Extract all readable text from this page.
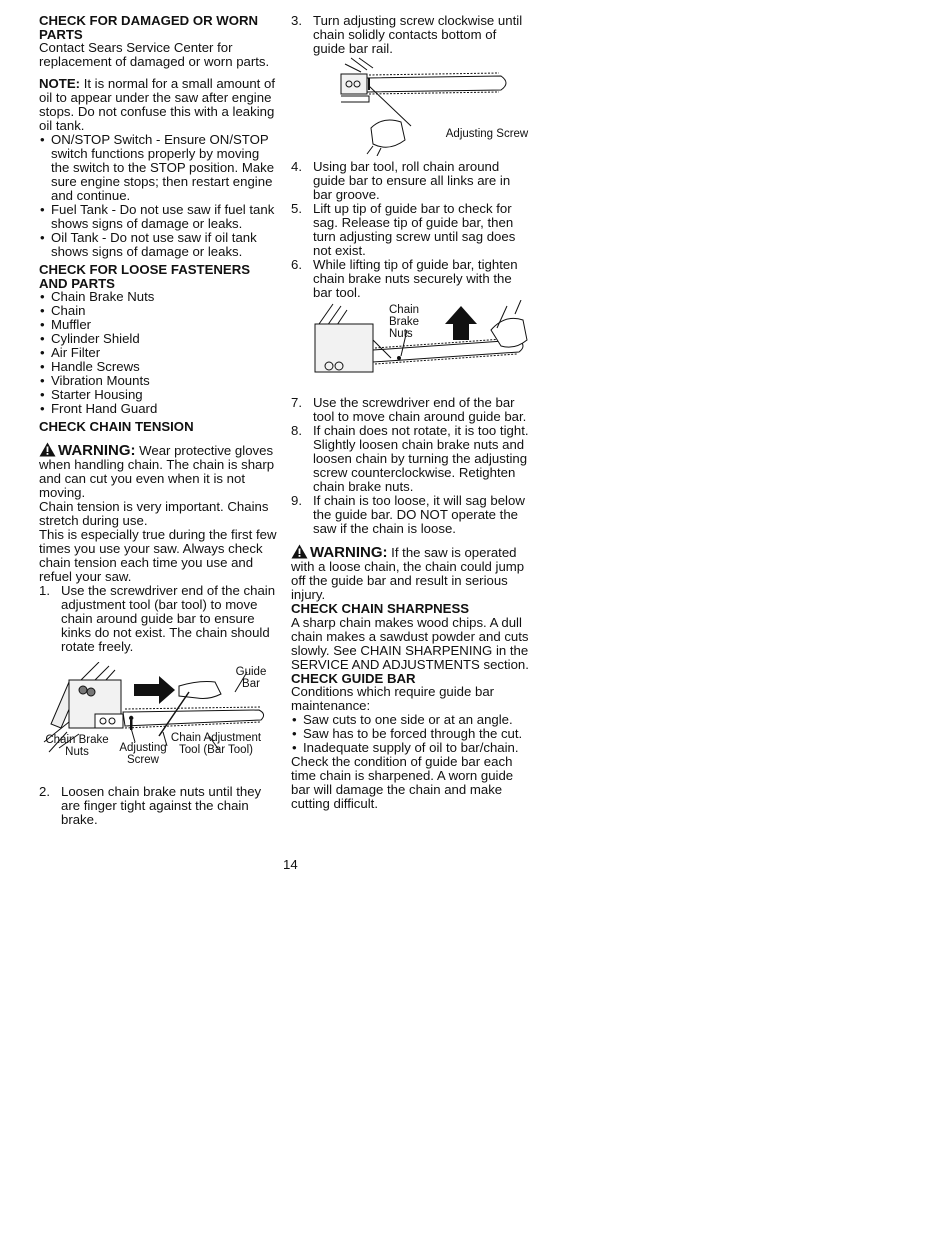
CHECK FOR DAMAGED OR WORN PARTS

Contact Sears Service Center for replacement of damaged or worn parts.

NOTE: It is normal for a small amount of oil to appear under the saw after engine stops. Do not confuse this with a leaking oil tank.

• ON/STOP Switch - Ensure ON/STOP switch functions properly by moving the switch to the STOP position. Make sure engine stops; then restart engine and continue.
• Fuel Tank - Do not use saw if fuel tank shows signs of damage or leaks.
• Oil Tank - Do not use saw if oil tank shows signs of damage or leaks.
CHECK FOR LOOSE FASTENERS AND PARTS
• Chain Brake Nuts
• Chain
• Muffler
• Cylinder Shield
• Air Filter
• Handle Screws
• Vibration Mounts
• Starter Housing
• Front Hand Guard
CHECK CHAIN TENSION

WARNING: Wear protective gloves when handling chain. The chain is sharp and can cut you even when it is not moving.

Chain tension is very important. Chains stretch during use.

This is especially true during the first few times you use your saw. Always check chain tension each time you use and refuel your saw.

1. Use the screwdriver end of the chain adjustment tool (bar tool) to move chain around guide bar to ensure kinks do not exist. The chain should rotate freely.
Guide Bar
Chain Brake Nuts	Adjusting Screw
Chain Adjustment Tool (Bar Tool)
2. Loosen chain brake nuts until they are finger tight against the chain brake.
3. Turn adjusting screw clockwise until chain solidly contacts bottom of guide bar rail.
Adjusting Screw
4. Using bar tool, roll chain around guide bar to ensure all links are in bar groove.
5. Lift up tip of guide bar to check for sag. Release tip of guide bar, then turn adjusting screw until sag does not exist.
6. While lifting tip of guide bar, tighten chain brake nuts securely with the bar tool.
Chain Brake Nuts
7. Use the screwdriver end of the bar tool to move chain around guide bar.
8. If chain does not rotate, it is too tight. Slightly loosen chain brake nuts and loosen chain by turning the adjusting screw counterclockwise. Retighten chain brake nuts.
9. If chain is too loose, it will sag below the guide bar. DO NOT operate the saw if the chain is loose.

WARNING: If the saw is operated with a loose chain, the chain could jump off the guide bar and result in serious injury.

CHECK CHAIN SHARPNESS

A sharp chain makes wood chips. A dull chain makes a sawdust powder and cuts slowly. See CHAIN SHARPENING in the SERVICE AND ADJUSTMENTS section.

CHECK GUIDE BAR

Conditions which require guide bar maintenance:

• Saw cuts to one side or at an angle.
• Saw has to be forced through the cut.
• Inadequate supply of oil to bar/chain.

Check the condition of guide bar each time chain is sharpened. A worn guide bar will damage the chain and make cutting difficult.

14
